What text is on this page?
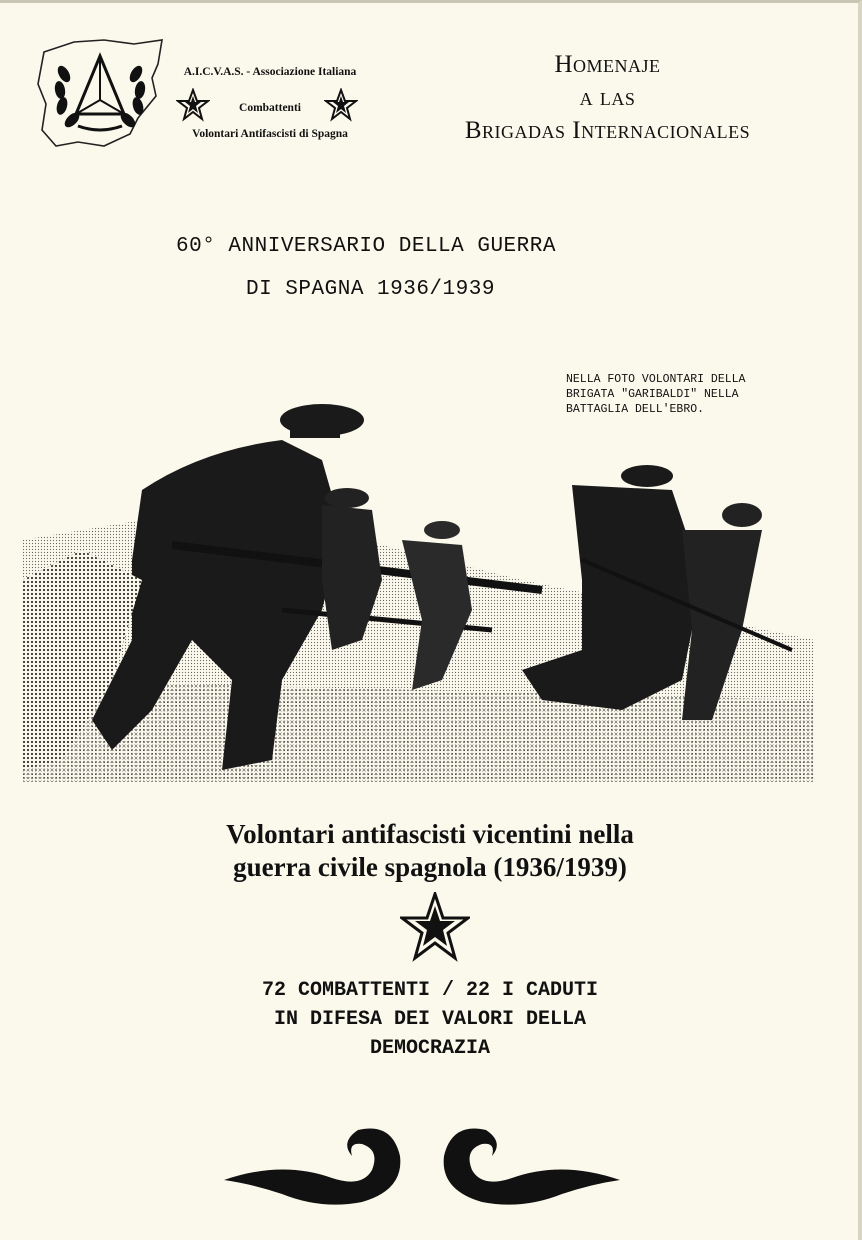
A.I.C.V.A.S. - Associazione Italiana
Combattenti
Volontari Antifascisti di Spagna
Homenaje
a las
Brigadas Internacionales
60° ANNIVERSARIO DELLA GUERRA
DI SPAGNA 1936/1939
NELLA FOTO VOLONTARI DELLA
BRIGATA "GARIBALDI" NELLA
BATTAGLIA DELL'EBRO.
Volontari antifascisti vicentini nella
guerra civile spagnola (1936/1939)
72 COMBATTENTI / 22 I CADUTI
IN DIFESA DEI VALORI DELLA
DEMOCRAZIA
